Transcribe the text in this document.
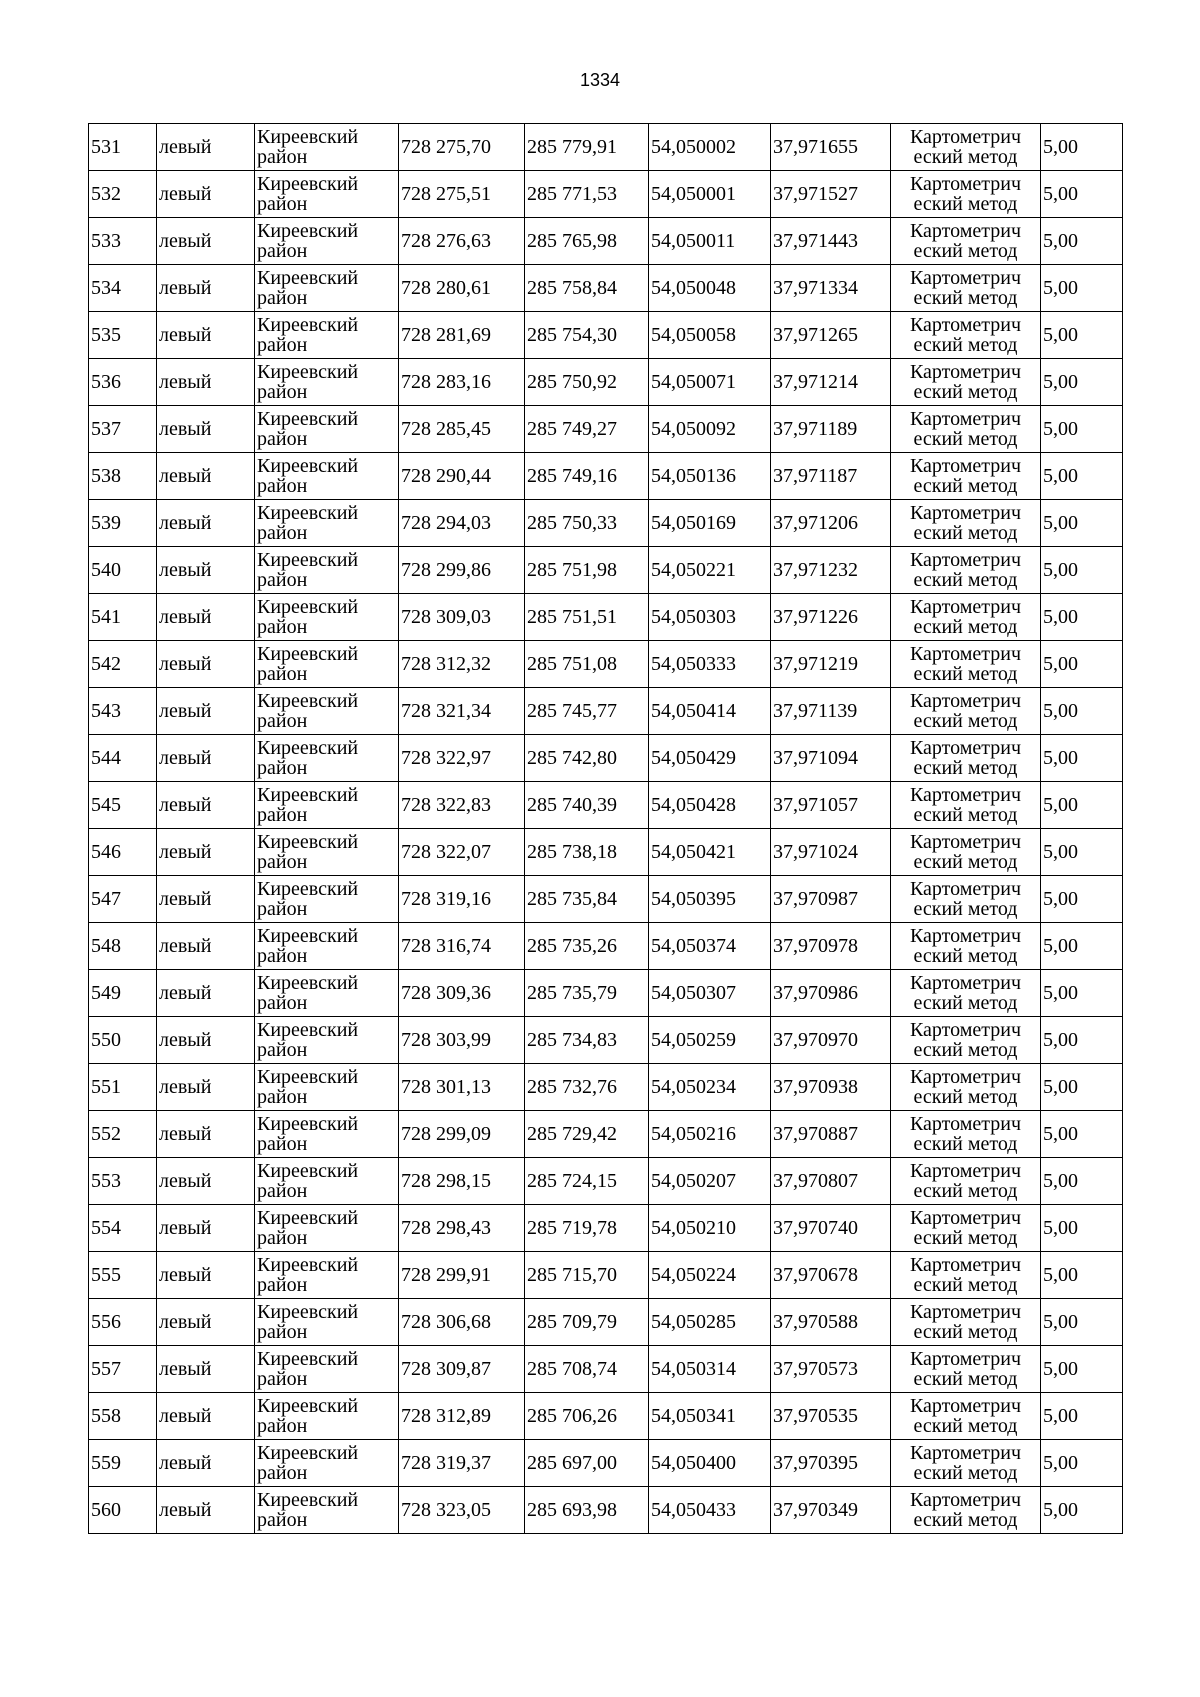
1334
531	левый	Киреевский район	728 275,70	285 779,91	54,050002	37,971655	Картометрич еский метод	5,00
532	левый	Киреевский район	728 275,51	285 771,53	54,050001	37,971527	Картометрич еский метод	5,00
533	левый	Киреевский район	728 276,63	285 765,98	54,050011	37,971443	Картометрич еский метод	5,00
534	левый	Киреевский район	728 280,61	285 758,84	54,050048	37,971334	Картометрич еский метод	5,00
535	левый	Киреевский район	728 281,69	285 754,30	54,050058	37,971265	Картометрич еский метод	5,00
536	левый	Киреевский район	728 283,16	285 750,92	54,050071	37,971214	Картометрич еский метод	5,00
537	левый	Киреевский район	728 285,45	285 749,27	54,050092	37,971189	Картометрич еский метод	5,00
538	левый	Киреевский район	728 290,44	285 749,16	54,050136	37,971187	Картометрич еский метод	5,00
539	левый	Киреевский район	728 294,03	285 750,33	54,050169	37,971206	Картометрич еский метод	5,00
540	левый	Киреевский район	728 299,86	285 751,98	54,050221	37,971232	Картометрич еский метод	5,00
541	левый	Киреевский район	728 309,03	285 751,51	54,050303	37,971226	Картометрич еский метод	5,00
542	левый	Киреевский район	728 312,32	285 751,08	54,050333	37,971219	Картометрич еский метод	5,00
543	левый	Киреевский район	728 321,34	285 745,77	54,050414	37,971139	Картометрич еский метод	5,00
544	левый	Киреевский район	728 322,97	285 742,80	54,050429	37,971094	Картометрич еский метод	5,00
545	левый	Киреевский район	728 322,83	285 740,39	54,050428	37,971057	Картометрич еский метод	5,00
546	левый	Киреевский район	728 322,07	285 738,18	54,050421	37,971024	Картометрич еский метод	5,00
547	левый	Киреевский район	728 319,16	285 735,84	54,050395	37,970987	Картометрич еский метод	5,00
548	левый	Киреевский район	728 316,74	285 735,26	54,050374	37,970978	Картометрич еский метод	5,00
549	левый	Киреевский район	728 309,36	285 735,79	54,050307	37,970986	Картометрич еский метод	5,00
550	левый	Киреевский район	728 303,99	285 734,83	54,050259	37,970970	Картометрич еский метод	5,00
551	левый	Киреевский район	728 301,13	285 732,76	54,050234	37,970938	Картометрич еский метод	5,00
552	левый	Киреевский район	728 299,09	285 729,42	54,050216	37,970887	Картометрич еский метод	5,00
553	левый	Киреевский район	728 298,15	285 724,15	54,050207	37,970807	Картометрич еский метод	5,00
554	левый	Киреевский район	728 298,43	285 719,78	54,050210	37,970740	Картометрич еский метод	5,00
555	левый	Киреевский район	728 299,91	285 715,70	54,050224	37,970678	Картометрич еский метод	5,00
556	левый	Киреевский район	728 306,68	285 709,79	54,050285	37,970588	Картометрич еский метод	5,00
557	левый	Киреевский район	728 309,87	285 708,74	54,050314	37,970573	Картометрич еский метод	5,00
558	левый	Киреевский район	728 312,89	285 706,26	54,050341	37,970535	Картометрич еский метод	5,00
559	левый	Киреевский район	728 319,37	285 697,00	54,050400	37,970395	Картометрич еский метод	5,00
560	левый	Киреевский район	728 323,05	285 693,98	54,050433	37,970349	Картометрич еский метод	5,00
